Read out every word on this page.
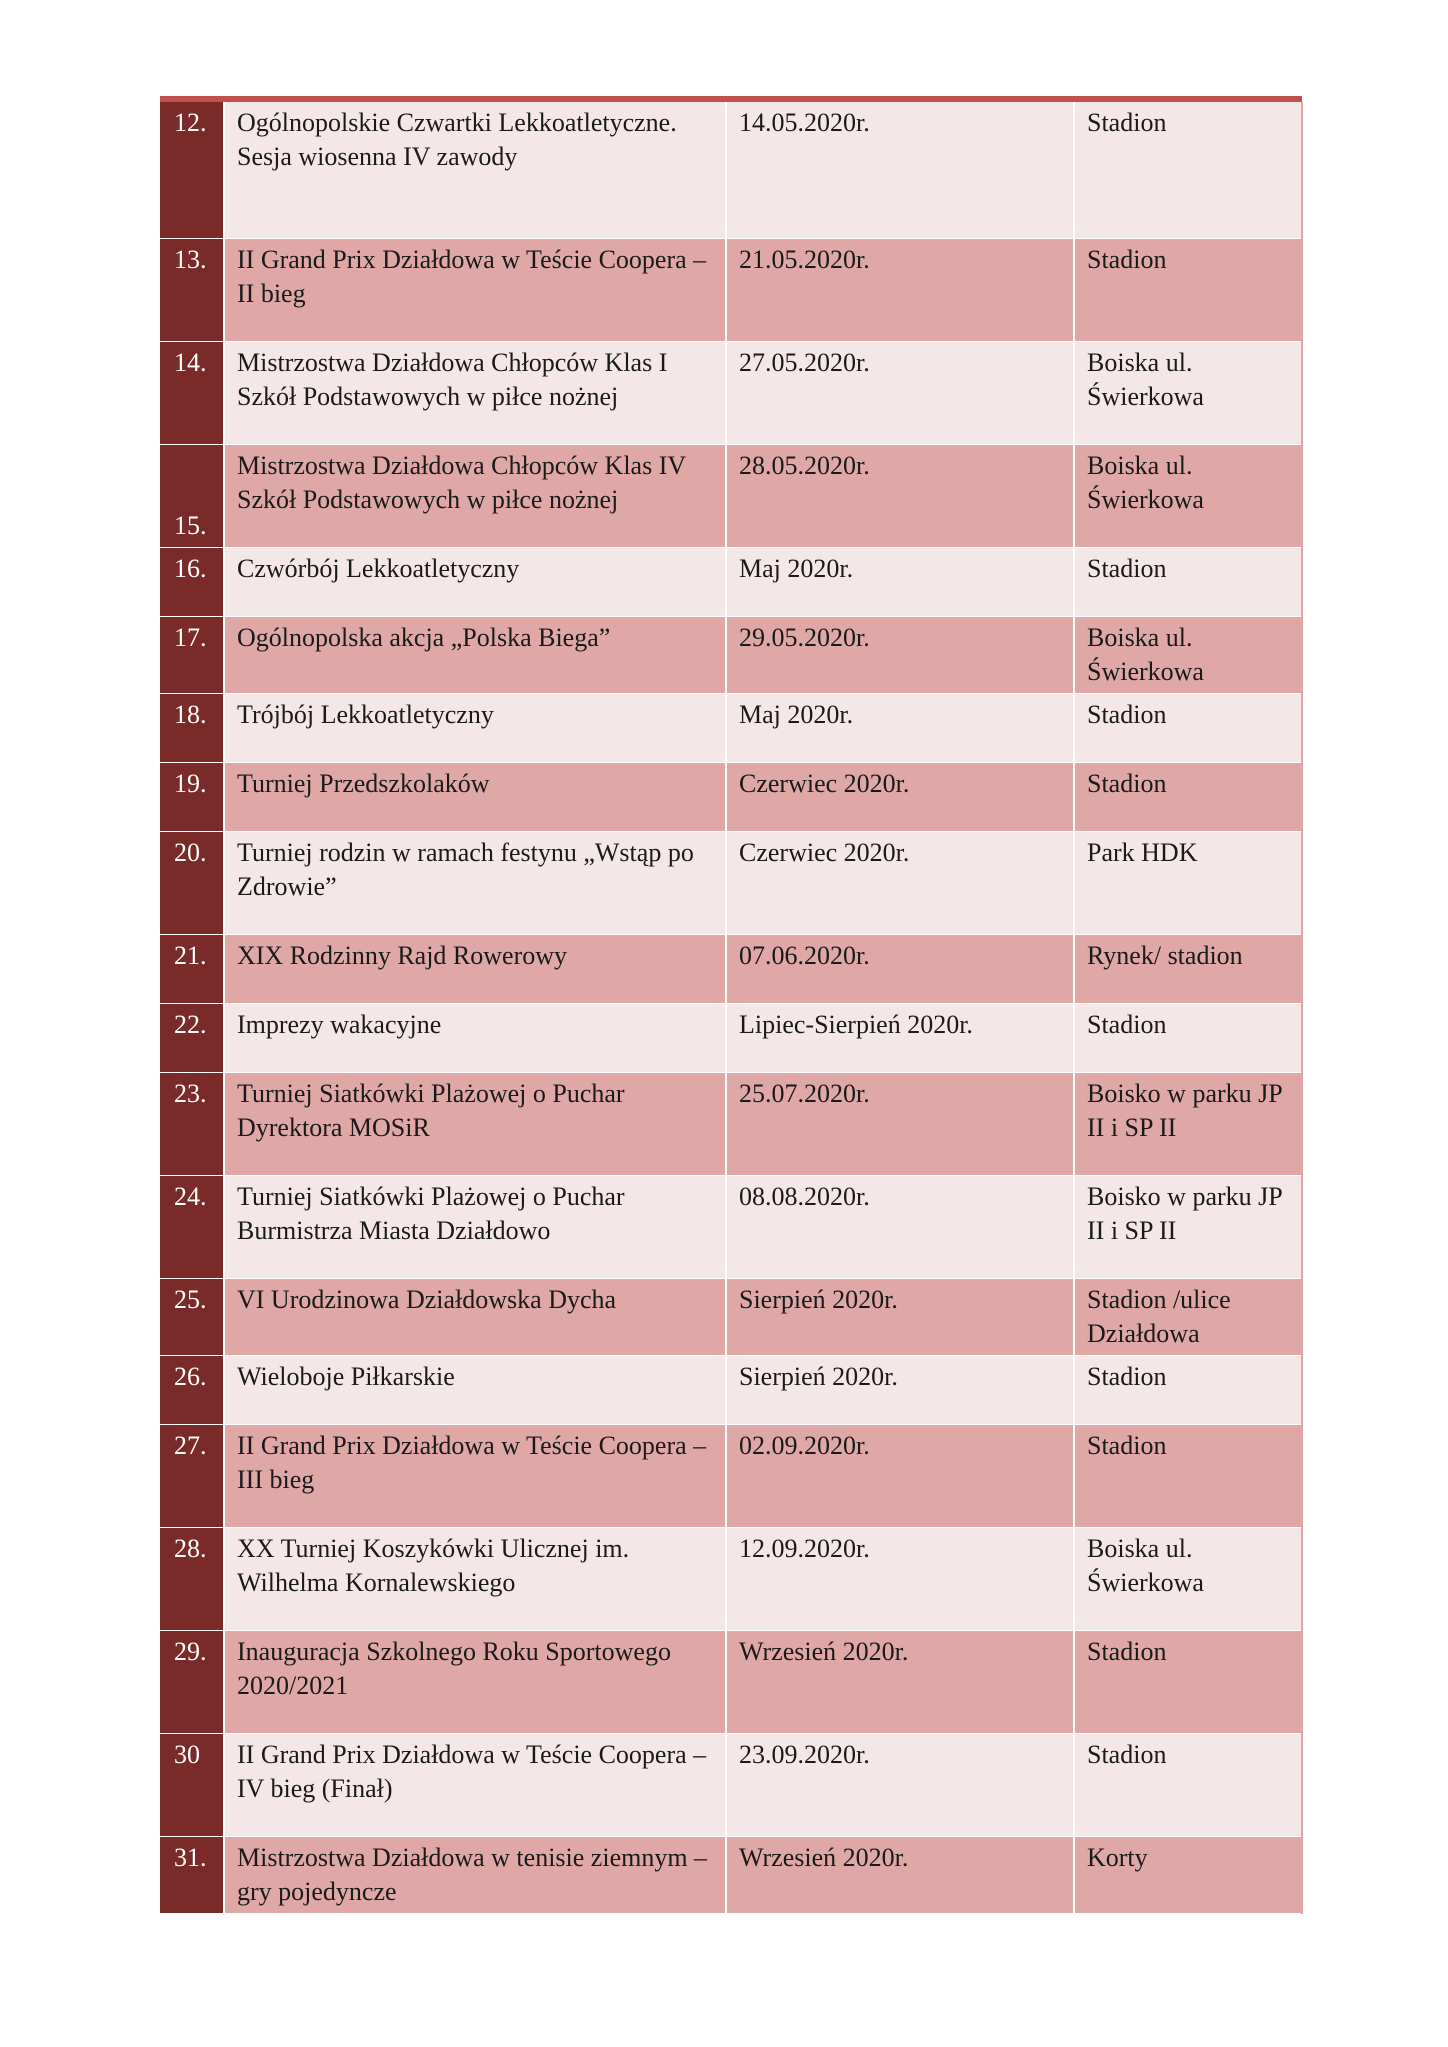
12.	Ogólnopolskie Czwartki Lekkoatletyczne. Sesja wiosenna IV zawody	14.05.2020r.	Stadion
13.	II Grand Prix Działdowa w Teście Coopera – II bieg	21.05.2020r.	Stadion
14.	Mistrzostwa Działdowa Chłopców Klas I Szkół Podstawowych w piłce nożnej	27.05.2020r.	Boiska ul. Świerkowa
15.	Mistrzostwa Działdowa Chłopców Klas IV Szkół Podstawowych w piłce nożnej	28.05.2020r.	Boiska ul. Świerkowa
16.	Czwórbój Lekkoatletyczny	Maj 2020r.	Stadion
17.	Ogólnopolska akcja „Polska Biega”	29.05.2020r.	Boiska ul. Świerkowa
18.	Trójbój Lekkoatletyczny	Maj 2020r.	Stadion
19.	Turniej Przedszkolaków	Czerwiec 2020r.	Stadion
20.	Turniej rodzin w ramach festynu „Wstąp po Zdrowie”	Czerwiec 2020r.	Park HDK
21.	XIX Rodzinny Rajd Rowerowy	07.06.2020r.	Rynek/ stadion
22.	Imprezy wakacyjne	Lipiec-Sierpień 2020r.	Stadion
23.	Turniej Siatkówki Plażowej o Puchar Dyrektora MOSiR	25.07.2020r.	Boisko w parku JP II i SP II
24.	Turniej Siatkówki Plażowej o Puchar Burmistrza Miasta Działdowo	08.08.2020r.	Boisko w parku JP II i SP II
25.	VI Urodzinowa Działdowska Dycha	Sierpień 2020r.	Stadion /ulice Działdowa
26.	Wieloboje Piłkarskie	Sierpień 2020r.	Stadion
27.	II Grand Prix Działdowa w Teście Coopera – III bieg	02.09.2020r.	Stadion
28.	XX Turniej Koszykówki Ulicznej im. Wilhelma Kornalewskiego	12.09.2020r.	Boiska ul. Świerkowa
29.	Inauguracja Szkolnego Roku Sportowego 2020/2021	Wrzesień 2020r.	Stadion
30	II Grand Prix Działdowa w Teście Coopera – IV bieg (Finał)	23.09.2020r.	Stadion
31.	Mistrzostwa Działdowa w tenisie ziemnym – gry pojedyncze	Wrzesień 2020r.	Korty
